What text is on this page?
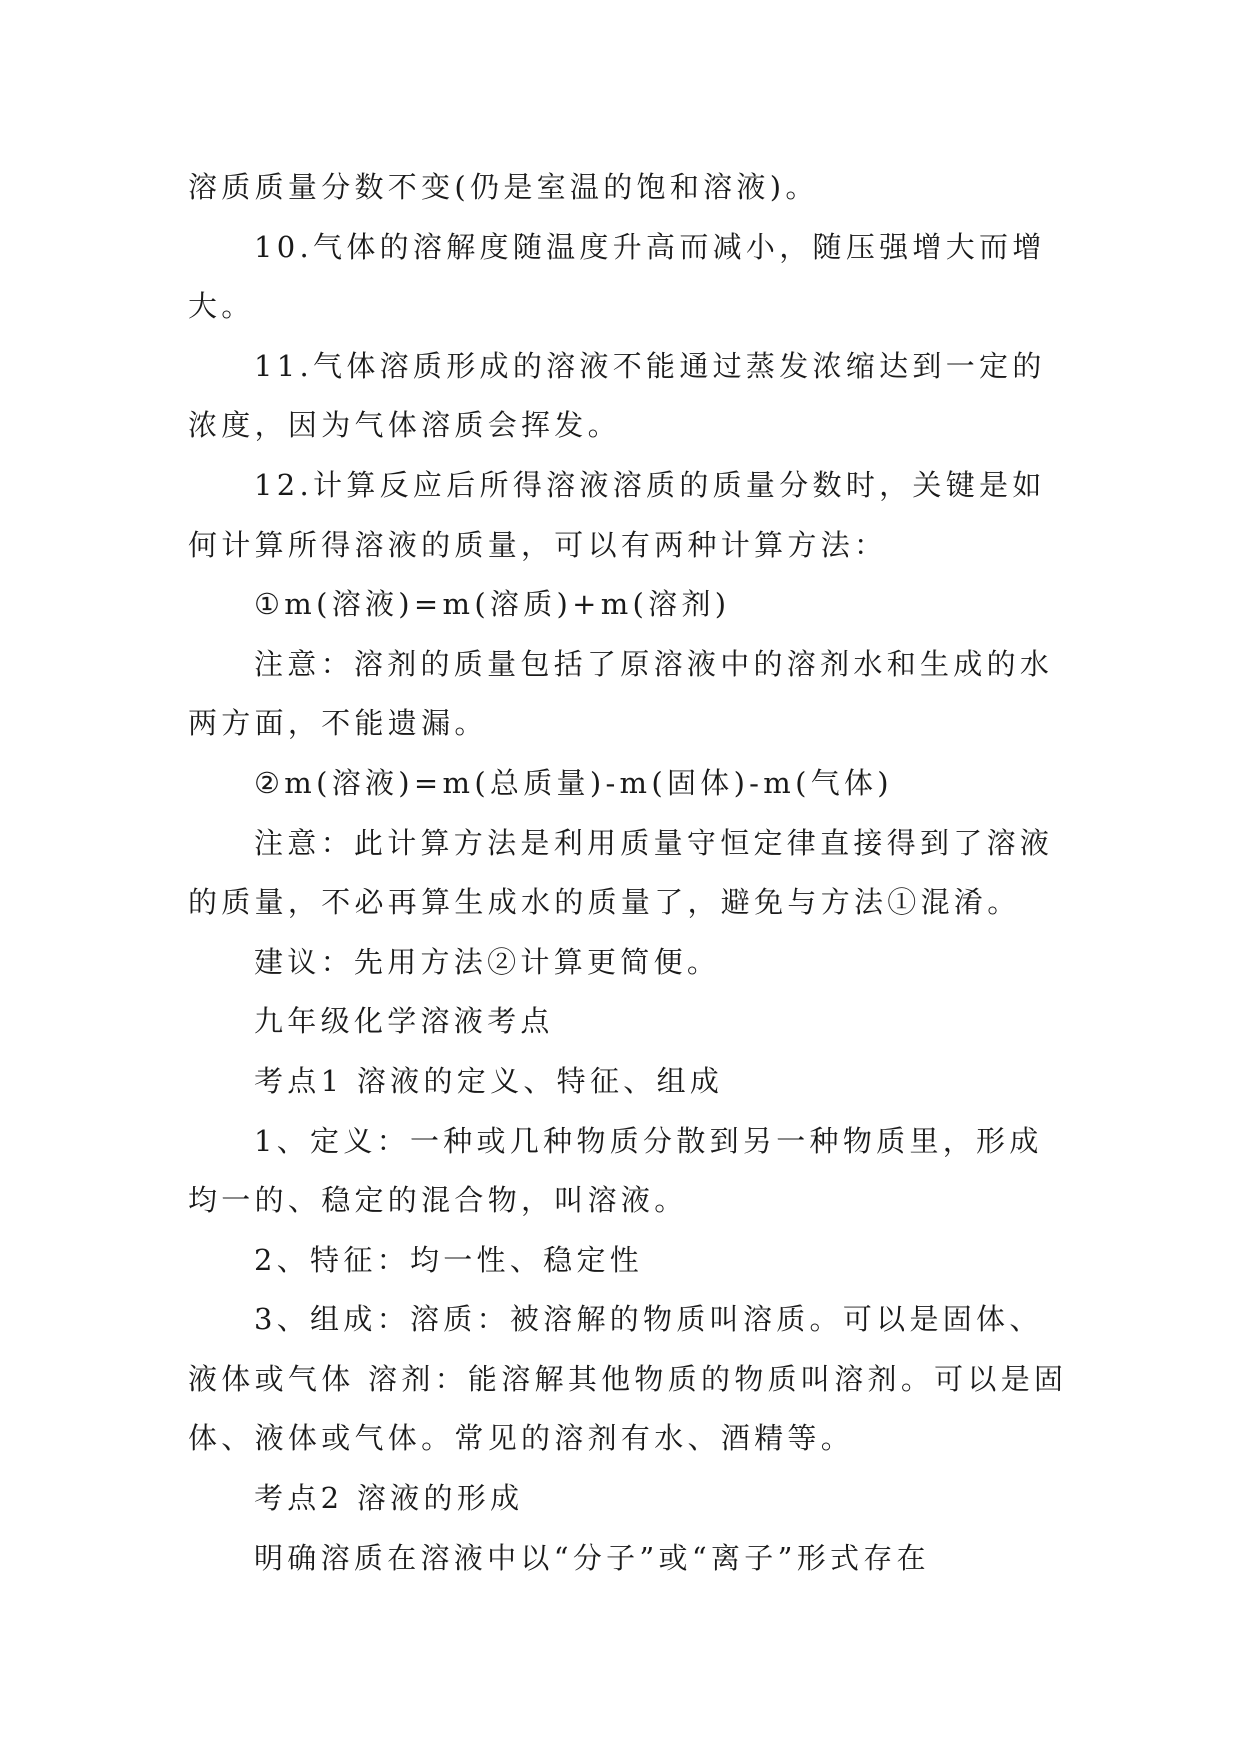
溶质质量分数不变(仍是室温的饱和溶液)。

10.气体的溶解度随温度升高而减小，随压强增大而增大。

11.气体溶质形成的溶液不能通过蒸发浓缩达到一定的浓度，因为气体溶质会挥发。

12.计算反应后所得溶液溶质的质量分数时，关键是如何计算所得溶液的质量，可以有两种计算方法：

①m(溶液)=m(溶质)+m(溶剂)

注意：溶剂的质量包括了原溶液中的溶剂水和生成的水两方面，不能遗漏。

②m(溶液)=m(总质量)-m(固体)-m(气体)

注意：此计算方法是利用质量守恒定律直接得到了溶液的质量，不必再算生成水的质量了，避免与方法①混淆。

建议：先用方法②计算更简便。

九年级化学溶液考点

考点1 溶液的定义、特征、组成

1、定义：一种或几种物质分散到另一种物质里，形成均一的、稳定的混合物，叫溶液。

2、特征：均一性、稳定性

3、组成：溶质：被溶解的物质叫溶质。可以是固体、液体或气体 溶剂：能溶解其他物质的物质叫溶剂。可以是固体、液体或气体。常见的溶剂有水、酒精等。

考点2 溶液的形成

明确溶质在溶液中以“分子”或“离子”形式存在
